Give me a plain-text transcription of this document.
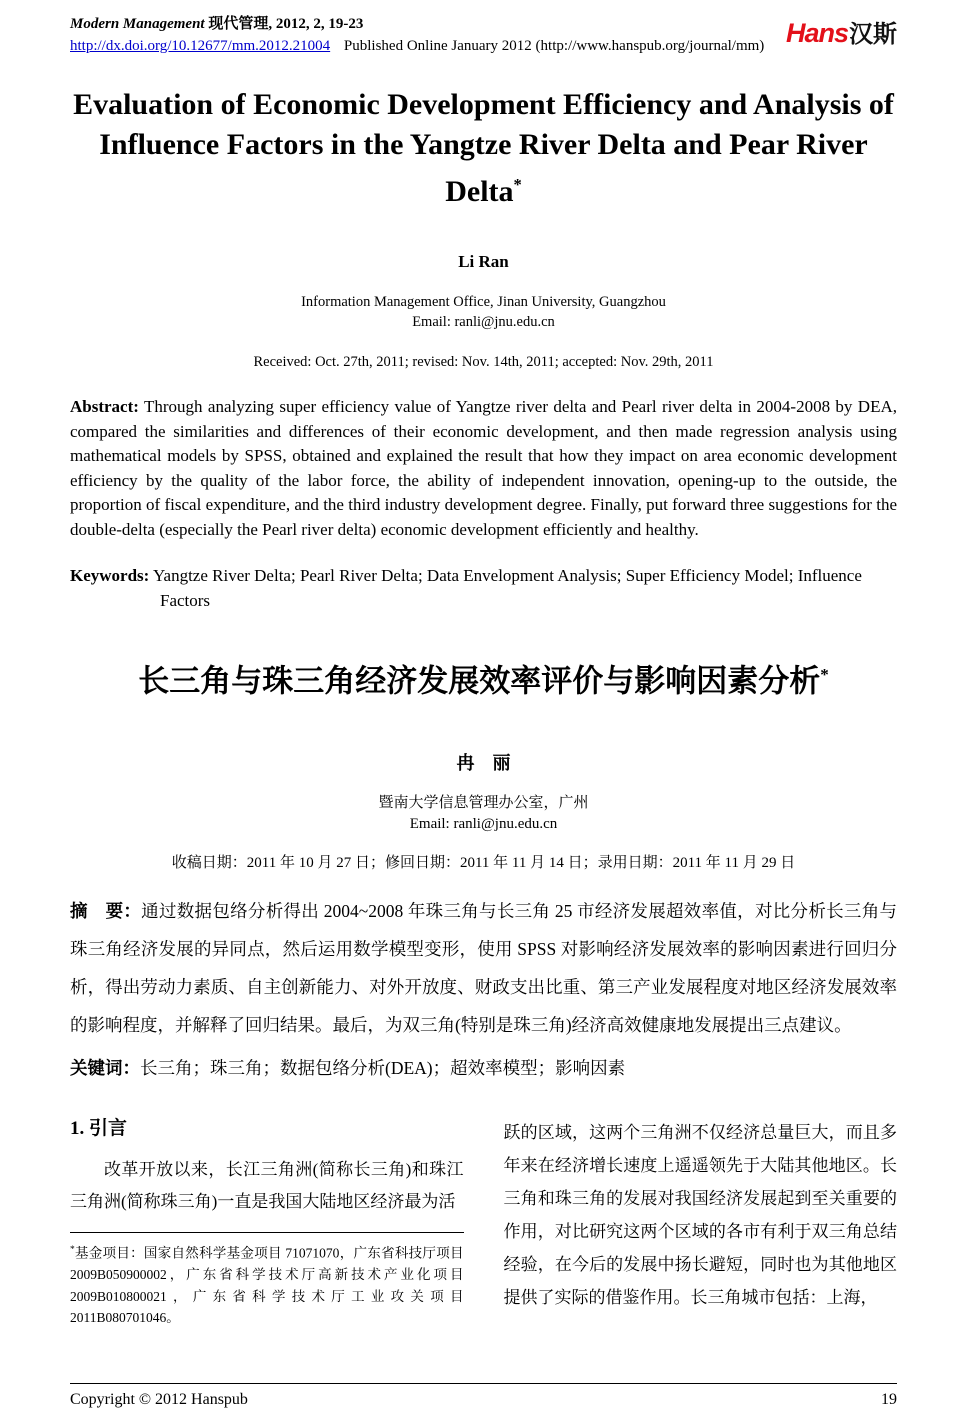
Modern Management 现代管理, 2012, 2, 19-23
http://dx.doi.org/10.12677/mm.2012.21004 Published Online January 2012 (http://www.hanspub.org/journal/mm) Hans汉斯
Evaluation of Economic Development Efficiency and Analysis of Influence Factors in the Yangtze River Delta and Pear River Delta*
Li Ran
Information Management Office, Jinan University, Guangzhou
Email: ranli@jnu.edu.cn
Received: Oct. 27th, 2011; revised: Nov. 14th, 2011; accepted: Nov. 29th, 2011

Abstract: Through analyzing super efficiency value of Yangtze river delta and Pearl river delta in 2004-2008 by DEA, compared the similarities and differences of their economic development, and then made regression analysis using mathematical models by SPSS, obtained and explained the result that how they impact on area economic development efficiency by the quality of the labor force, the ability of independent innovation, opening-up to the outside, the proportion of fiscal expenditure, and the third industry development degree. Finally, put forward three suggestions for the double-delta (especially the Pearl river delta) economic development efficiently and healthy.

Keywords: Yangtze River Delta; Pearl River Delta; Data Envelopment Analysis; Super Efficiency Model; Influence Factors

长三角与珠三角经济发展效率评价与影响因素分析*
冉　丽
暨南大学信息管理办公室，广州
Email: ranli@jnu.edu.cn
收稿日期：2011 年 10 月 27 日；修回日期：2011 年 11 月 14 日；录用日期：2011 年 11 月 29 日

摘　要：通过数据包络分析得出 2004~2008 年珠三角与长三角 25 市经济发展超效率值，对比分析长三角与珠三角经济发展的异同点，然后运用数学模型变形，使用 SPSS 对影响经济发展效率的影响因素进行回归分析，得出劳动力素质、自主创新能力、对外开放度、财政支出比重、第三产业发展程度对地区经济发展效率的影响程度，并解释了回归结果。最后，为双三角(特别是珠三角)经济高效健康地发展提出三点建议。

关键词：长三角；珠三角；数据包络分析(DEA)；超效率模型；影响因素

1. 引言

改革开放以来，长江三角洲(简称长三角)和珠江三角洲(简称珠三角)一直是我国大陆地区经济最为活

*基金项目：国家自然科学基金项目 71071070，广东省科技厅项目 2009B050900002，广东省科学技术厅高新技术产业化项目 2009B010800021，广东省科学技术厅工业攻关项目 2011B080701046。

跃的区域，这两个三角洲不仅经济总量巨大，而且多年来在经济增长速度上遥遥领先于大陆其他地区。长三角和珠三角的发展对我国经济发展起到至关重要的作用，对比研究这两个区域的各市有利于双三角总结经验，在今后的发展中扬长避短，同时也为其他地区提供了实际的借鉴作用。长三角城市包括：上海，

Copyright © 2012 Hanspub	19
